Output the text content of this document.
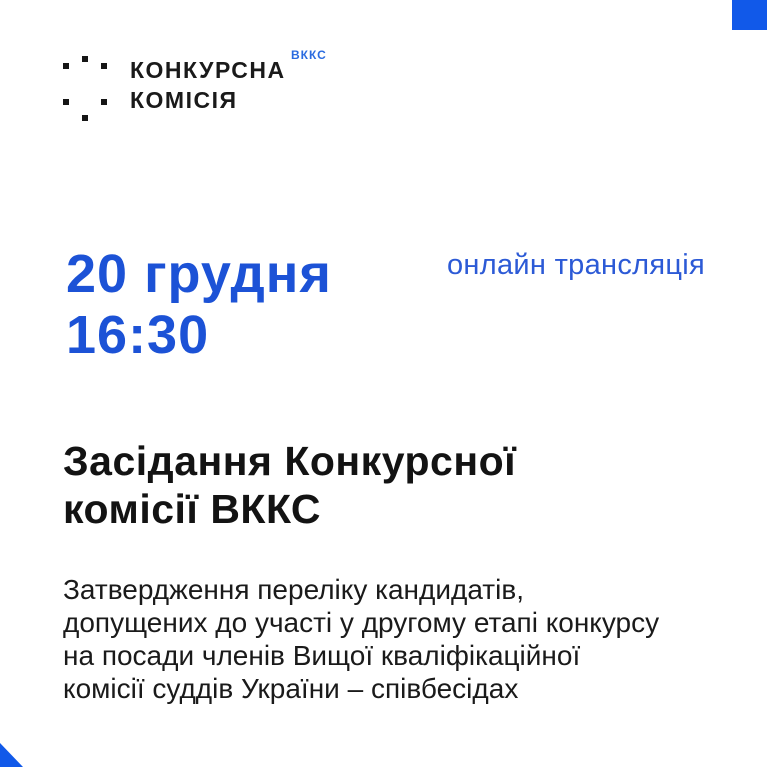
КОНКУРСНА
КОМІСІЯ
ВККС
20 грудня
16:30
онлайн трансляція
Засідання Конкурсної
комісії ВККС
Затвердження переліку кандидатів,
допущених до участі у другому етапі конкурсу
на посади членів Вищої кваліфікаційної
комісії суддів України – співбесідах
